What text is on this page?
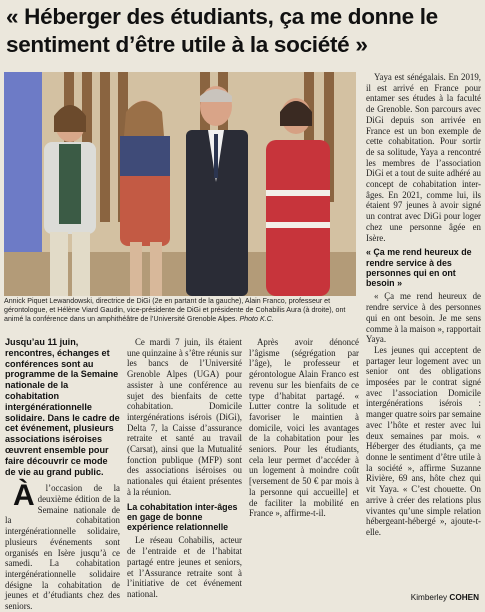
« Héberger des étudiants, ça me donne le sentiment d’être utile à la société »
Annick Piquet Lewandowski, directrice de DiGi (2e en partant de la gauche), Alain Franco, professeur et gérontologue, et Hélène Viard Gaudin, vice-présidente de DiGi et présidente de Cohabilis Aura (à droite), ont animé la conférence dans un amphithéâtre de l’Université Grenoble Alpes. Photo K.C.
Jusqu’au 11 juin, rencontres, échanges et conférences sont au programme de la Semaine nationale de la cohabitation intergénérationnelle solidaire. Dans le cadre de cet événement, plusieurs associations iséroises œuvrent ensemble pour faire découvrir ce mode de vie au grand public.

À l’occasion de la deuxième édition de la Semaine nationale de la cohabitation intergénérationnelle solidaire, plusieurs événements sont organisés en Isère jusqu’à ce samedi. La cohabitation intergénérationnelle solidaire désigne la cohabitation de jeunes et d’étudiants chez des seniors.

Ce mardi 7 juin, ils étaient une quinzaine à s’être réunis sur les bancs de l’Université Grenoble Alpes (UGA) pour assister à une conférence au sujet des bienfaits de cette cohabitation. Domicile intergénérations isérois (DiGi), Delta 7, la Caisse d’assurance retraite et santé au travail (Carsat), ainsi que la Mutualité fonction publique (MFP) sont des associations iséroises ou nationales qui étaient présentes à la réunion.

La cohabitation inter-âges en gage de bonne expérience relationnelle

Le réseau Cohabilis, acteur de l’entraide et de l’habitat partagé entre jeunes et seniors, et l’Assurance retraite sont à l’initiative de cet événement national.

Après avoir dénoncé l’âgisme (ségrégation par l’âge), le professeur et gérontologue Alain Franco est revenu sur les bienfaits de ce type d’habitat partagé. « Lutter contre la solitude et favoriser le maintien à domicile, voici les avantages de la cohabitation pour les seniors. Pour les étudiants, cela leur permet d’accéder à un logement à moindre coût [versement de 50 € par mois à la personne qui accueille] et de faciliter la mobilité en France », affirme-t-il.

Yaya est sénégalais. En 2019, il est arrivé en France pour entamer ses études à la faculté de Grenoble. Son parcours avec DiGi depuis son arrivée en France est un bon exemple de cette cohabitation. Pour sortir de sa solitude, Yaya a rencontré les membres de l’association DiGi et a tout de suite adhéré au concept de cohabitation inter-âges. En 2021, comme lui, ils étaient 97 jeunes à avoir signé un contrat avec DiGi pour loger chez une personne âgée en Isère.

« Ça me rend heureux de rendre service à des personnes qui en ont besoin »

« Ça me rend heureux de rendre service à des personnes qui en ont besoin. Je me sens comme à la maison », rapportait Yaya.

Les jeunes qui acceptent de partager leur logement avec un senior ont des obligations imposées par le contrat signé avec l’association Domicile intergénérations isérois : manger quatre soirs par semaine avec l’hôte et rester avec lui deux semaines par mois. « Héberger des étudiants, ça me donne le sentiment d’être utile à la société », affirme Suzanne Rivière, 69 ans, hôte chez qui vit Yaya. « C’est chouette. On arrive à créer des relations plus vivantes qu’une simple relation hébergeant-hébergé », ajoute-t-elle.

Kimberley COHEN
